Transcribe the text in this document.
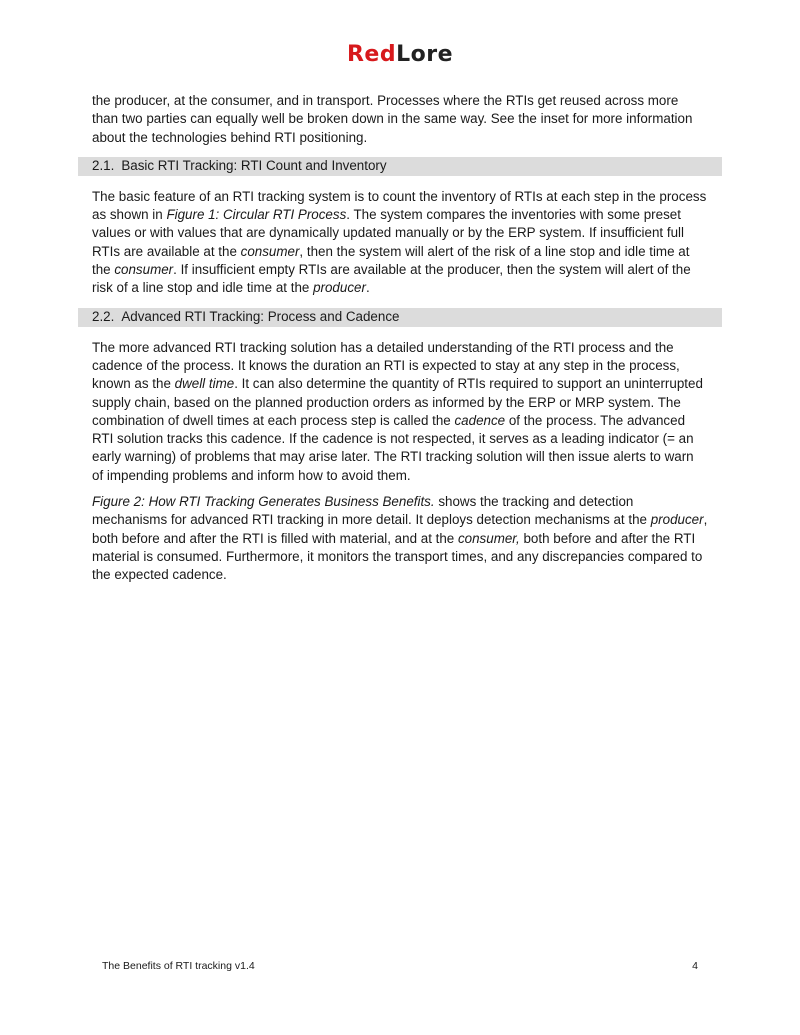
RedLore

the producer, at the consumer, and in transport. Processes where the RTIs get reused across more than two parties can equally well be broken down in the same way. See the inset for more information about the technologies behind RTI positioning.

2.1. Basic RTI Tracking: RTI Count and Inventory

The basic feature of an RTI tracking system is to count the inventory of RTIs at each step in the process as shown in Figure 1: Circular RTI Process. The system compares the inventories with some preset values or with values that are dynamically updated manually or by the ERP system. If insufficient full RTIs are available at the consumer, then the system will alert of the risk of a line stop and idle time at the consumer. If insufficient empty RTIs are available at the producer, then the system will alert of the risk of a line stop and idle time at the producer.

2.2. Advanced RTI Tracking: Process and Cadence

The more advanced RTI tracking solution has a detailed understanding of the RTI process and the cadence of the process. It knows the duration an RTI is expected to stay at any step in the process, known as the dwell time. It can also determine the quantity of RTIs required to support an uninterrupted supply chain, based on the planned production orders as informed by the ERP or MRP system. The combination of dwell times at each process step is called the cadence of the process. The advanced RTI solution tracks this cadence. If the cadence is not respected, it serves as a leading indicator (= an early warning) of problems that may arise later. The RTI tracking solution will then issue alerts to warn of impending problems and inform how to avoid them.

Figure 2: How RTI Tracking Generates Business Benefits. shows the tracking and detection mechanisms for advanced RTI tracking in more detail. It deploys detection mechanisms at the producer, both before and after the RTI is filled with material, and at the consumer, both before and after the RTI material is consumed. Furthermore, it monitors the transport times, and any discrepancies compared to the expected cadence.

The Benefits of RTI tracking v1.4	4
